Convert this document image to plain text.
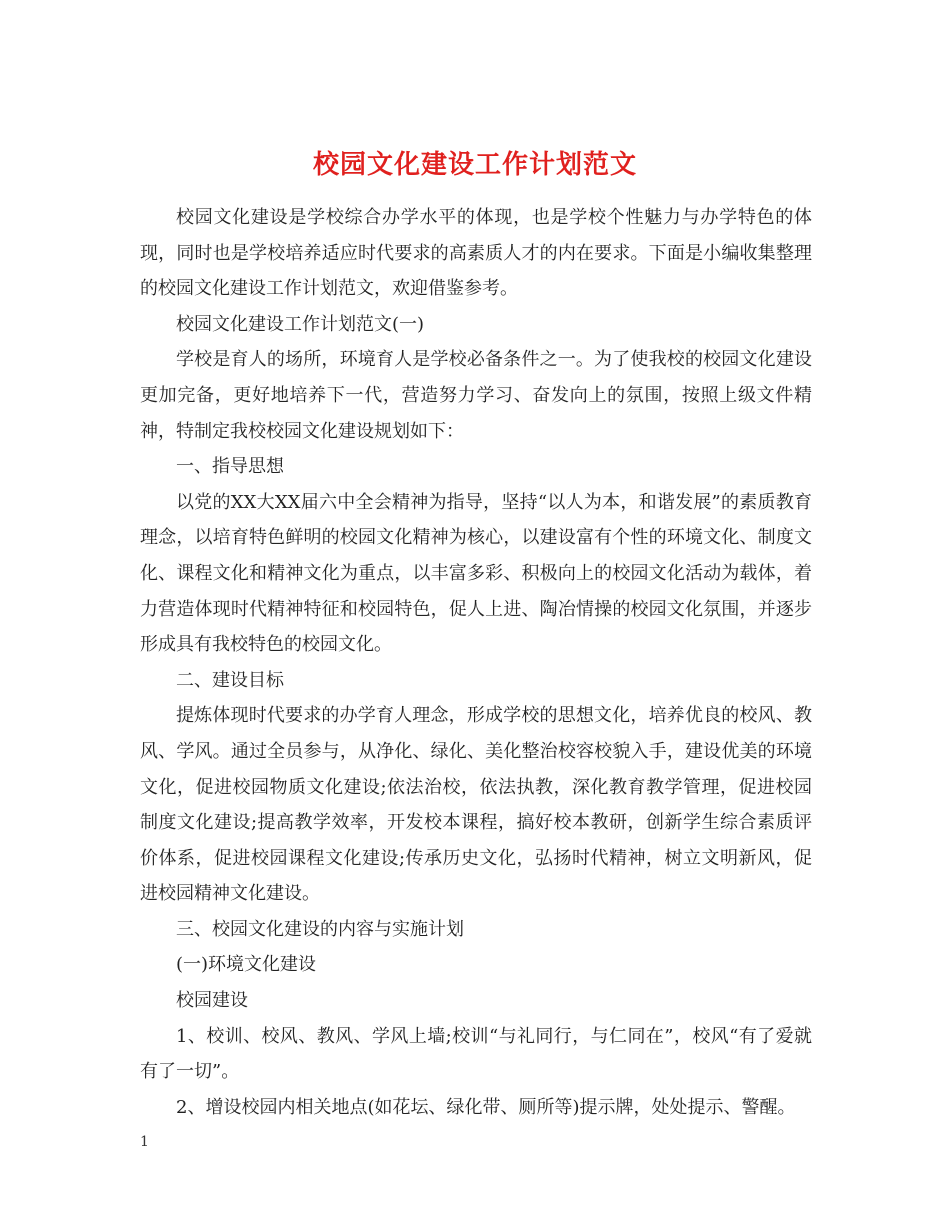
校园文化建设工作计划范文

校园文化建设是学校综合办学水平的体现，也是学校个性魅力与办学特色的体现，同时也是学校培养适应时代要求的高素质人才的内在要求。下面是小编收集整理的校园文化建设工作计划范文，欢迎借鉴参考。

校园文化建设工作计划范文(一)

学校是育人的场所，环境育人是学校必备条件之一。为了使我校的校园文化建设更加完备，更好地培养下一代，营造努力学习、奋发向上的氛围，按照上级文件精神，特制定我校校园文化建设规划如下：

一、指导思想

以党的XX大XX届六中全会精神为指导，坚持“以人为本，和谐发展”的素质教育理念，以培育特色鲜明的校园文化精神为核心，以建设富有个性的环境文化、制度文化、课程文化和精神文化为重点，以丰富多彩、积极向上的校园文化活动为载体，着力营造体现时代精神特征和校园特色，促人上进、陶冶情操的校园文化氛围，并逐步形成具有我校特色的校园文化。

二、建设目标

提炼体现时代要求的办学育人理念，形成学校的思想文化，培养优良的校风、教风、学风。通过全员参与，从净化、绿化、美化整治校容校貌入手，建设优美的环境文化，促进校园物质文化建设;依法治校，依法执教，深化教育教学管理，促进校园制度文化建设;提高教学效率，开发校本课程，搞好校本教研，创新学生综合素质评价体系，促进校园课程文化建设;传承历史文化，弘扬时代精神，树立文明新风，促进校园精神文化建设。

三、校园文化建设的内容与实施计划

(一)环境文化建设

校园建设

1、校训、校风、教风、学风上墙;校训“与礼同行，与仁同在”，校风“有了爱就有了一切”。

2、增设校园内相关地点(如花坛、绿化带、厕所等)提示牌，处处提示、警醒。

1
